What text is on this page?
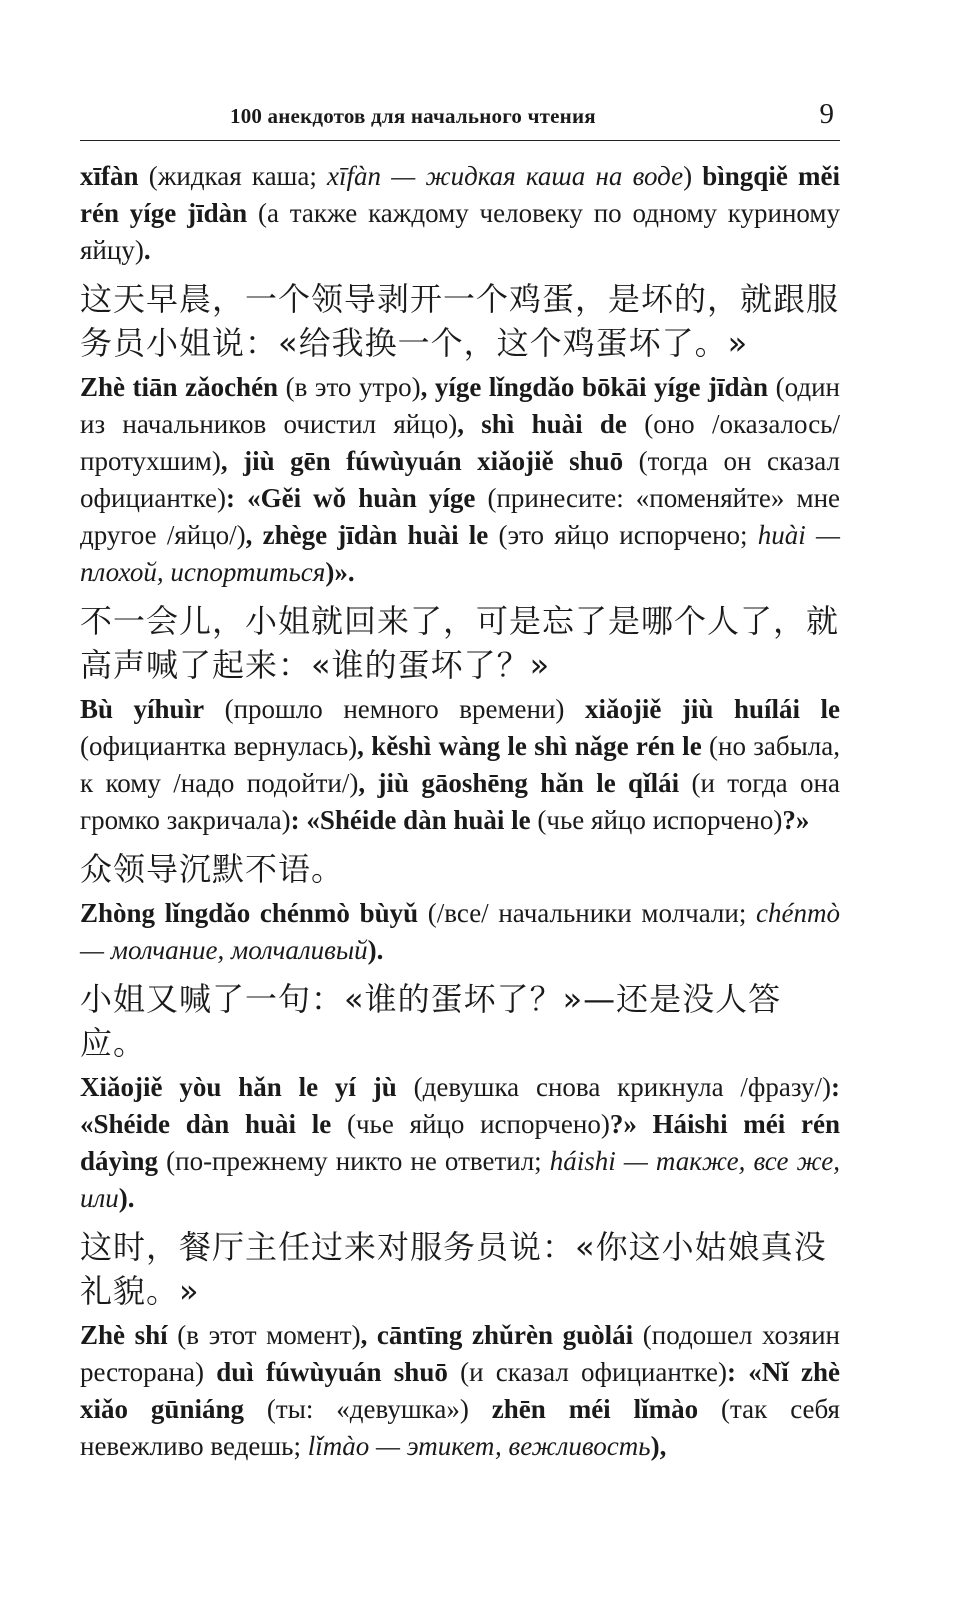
100 анекдотов для начального чтения	9

xīfàn (жидкая каша; xīfàn — жидкая каша на воде) bìngqiě měi rén yíge jīdàn (а также каждому человеку по одному куриному яйцу).

这天早晨，一个领导剥开一个鸡蛋，是坏的，就跟服务员小姐说：«给我换一个，这个鸡蛋坏了。»

Zhè tiān zǎochén (в это утро), yíge lǐngdǎo bōkāi yíge jīdàn (один из начальников очистил яйцо), shì huài de (оно /оказалось/ протухшим), jiù gēn fúwùyuán xiǎojiě shuō (тогда он сказал официантке): «Gěi wǒ huàn yíge (принесите: «поменяйте» мне другое /яйцо/), zhège jīdàn huài le (это яйцо испорчено; huài — плохой, испортиться)».

不一会儿，小姐就回来了，可是忘了是哪个人了，就高声喊了起来：«谁的蛋坏了？»

Bù yíhuìr (прошло немного времени) xiǎojiě jiù huílái le (официантка вернулась), kěshì wàng le shì nǎge rén le (но забыла, к кому /надо подойти/), jiù gāoshēng hǎn le qǐlái (и тогда она громко закричала): «Shéide dàn huài le (чье яйцо испорчено)?»

众领导沉默不语。

Zhòng lǐngdǎo chénmò bùyǔ (/все/ начальники молчали; chénmò — молчание, молчаливый).

小姐又喊了一句：«谁的蛋坏了？»—还是没人答应。

Xiǎojiě yòu hǎn le yí jù (девушка снова крикнула /фразу/): «Shéide dàn huài le (чье яйцо испорчено)?» Háishi méi rén dáyìng (по-прежнему никто не ответил; háishi — также, все же, или).

这时，餐厅主任过来对服务员说：«你这小姑娘真没礼貌。»

Zhè shí (в этот момент), cāntīng zhǔrèn guòlái (подошел хозяин ресторана) duì fúwùyuán shuō (и сказал официантке): «Nǐ zhè xiǎo gūniáng (ты: «девушка») zhēn méi lǐmào (так себя невежливо ведешь; lǐmào — этикет, вежливость),
